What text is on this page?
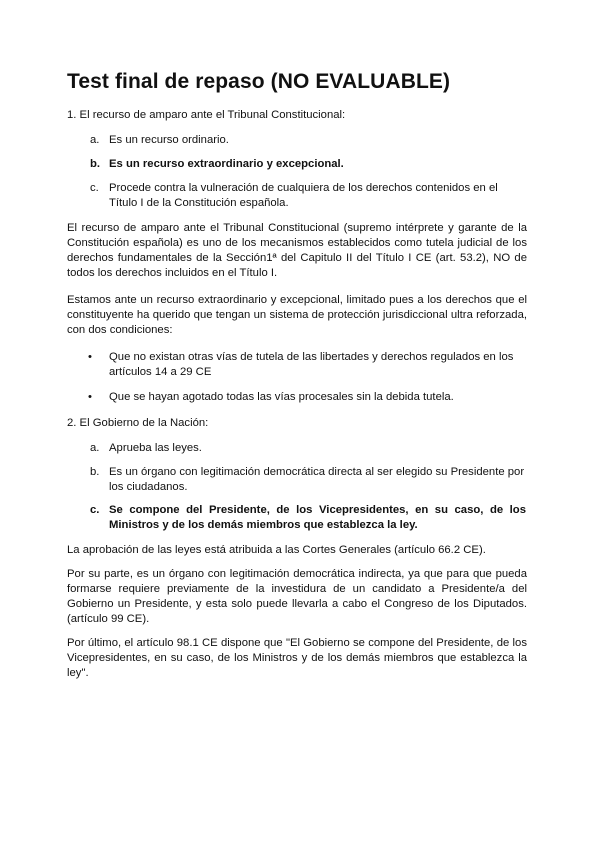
Test final de repaso (NO EVALUABLE)

1. El recurso de amparo ante el Tribunal Constitucional:

a. Es un recurso ordinario.
b. Es un recurso extraordinario y excepcional.
c. Procede contra la vulneración de cualquiera de los derechos contenidos en el Título I de la Constitución española.

El recurso de amparo ante el Tribunal Constitucional (supremo intérprete y garante de la Constitución española) es uno de los mecanismos establecidos como tutela judicial de los derechos fundamentales de la Sección1ª del Capitulo II del Título I CE (art. 53.2), NO de todos los derechos incluidos en el Título I.

Estamos ante un recurso extraordinario y excepcional, limitado pues a los derechos que el constituyente ha querido que tengan un sistema de protección jurisdiccional ultra reforzada, con dos condiciones:

• Que no existan otras vías de tutela de las libertades y derechos regulados en los artículos 14 a 29 CE
• Que se hayan agotado todas las vías procesales sin la debida tutela.

2. El Gobierno de la Nación:

a. Aprueba las leyes.
b. Es un órgano con legitimación democrática directa al ser elegido su Presidente por los ciudadanos.
c. Se compone del Presidente, de los Vicepresidentes, en su caso, de los Ministros y de los demás miembros que establezca la ley.

La aprobación de las leyes está atribuida a las Cortes Generales (artículo 66.2 CE).

Por su parte, es un órgano con legitimación democrática indirecta, ya que para que pueda formarse requiere previamente de la investidura de un candidato a Presidente/a del Gobierno un Presidente, y esta solo puede llevarla a cabo el Congreso de los Diputados. (artículo 99 CE).

Por último, el artículo 98.1 CE dispone que "El Gobierno se compone del Presidente, de los Vicepresidentes, en su caso, de los Ministros y de los demás miembros que establezca la ley".
